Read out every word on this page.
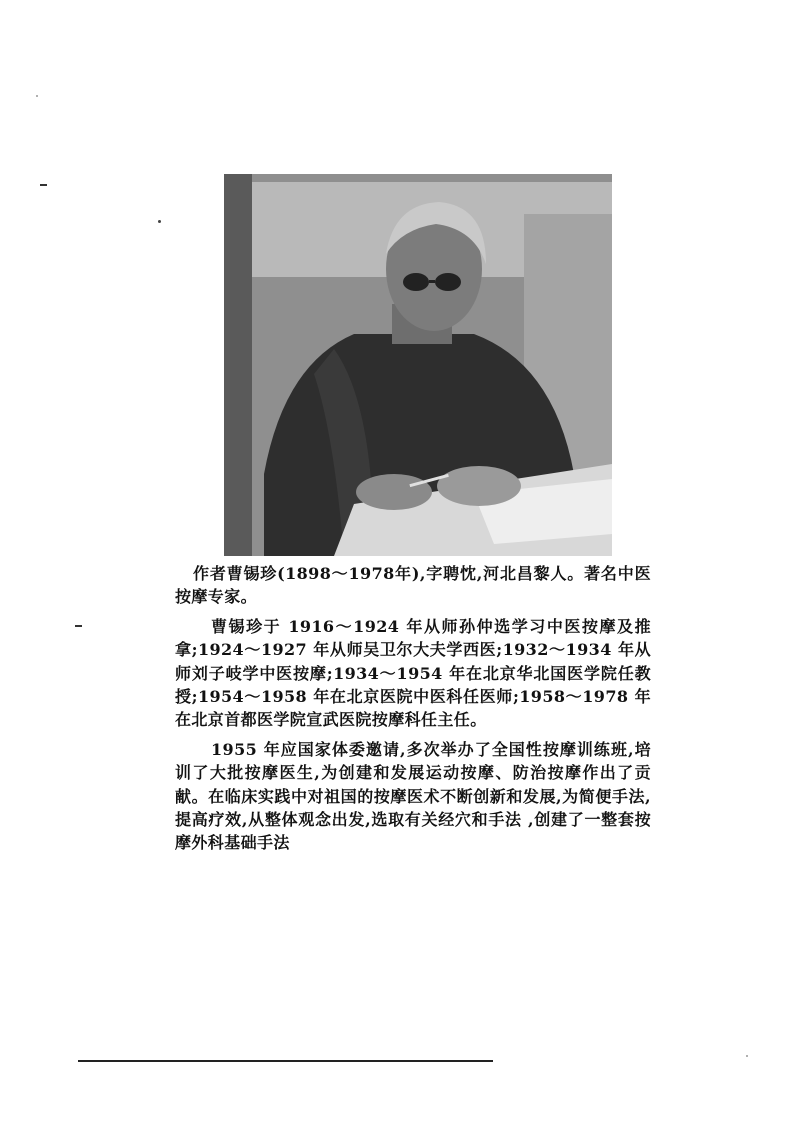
作者曹锡珍(1898～1978年),字聘忱,河北昌黎人。著名中医按摩专家。

曹锡珍于 1916～1924 年从师孙仲选学习中医按摩及推拿;1924～1927 年从师吴卫尔大夫学西医;1932～1934 年从师刘子岐学中医按摩;1934～1954 年在北京华北国医学院任教授;1954～1958 年在北京医院中医科任医师;1958～1978 年在北京首都医学院宣武医院按摩科任主任。

1955 年应国家体委邀请,多次举办了全国性按摩训练班,培训了大批按摩医生,为创建和发展运动按摩、防治按摩作出了贡献。在临床实践中对祖国的按摩医术不断创新和发展,为简便手法,提高疗效,从整体观念出发,选取有关经穴和手法 ,创建了一整套按摩外科基础手法
